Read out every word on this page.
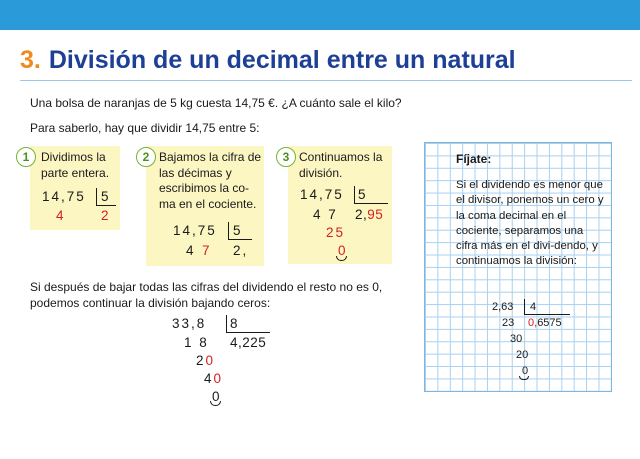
3. División de un decimal entre un natural
Una bolsa de naranjas de 5 kg cuesta 14,75 €. ¿A cuánto sale el kilo?
Para saberlo, hay que dividir 14,75 entre 5:
1 Dividimos la parte entera.
14,75 5
4	2
2 Bajamos la cifra de las décimas y escribimos la co-ma en el cociente.
14,75 5
4 7 2,
3 Continuamos la división.
14,75 5
4 7 2,95
25
0
Si después de bajar todas las cifras del dividendo el resto no es 0,
podemos continuar la división bajando ceros:
33,8 8
1 8 4,225
20
40
0
Fíjate:
Si el dividendo es menor que el divisor, ponemos un cero y la coma decimal en el cociente, separamos una cifra más en el divi-dendo, y continuamos la división:
2,63 4
23 0,6575
30
20
0
